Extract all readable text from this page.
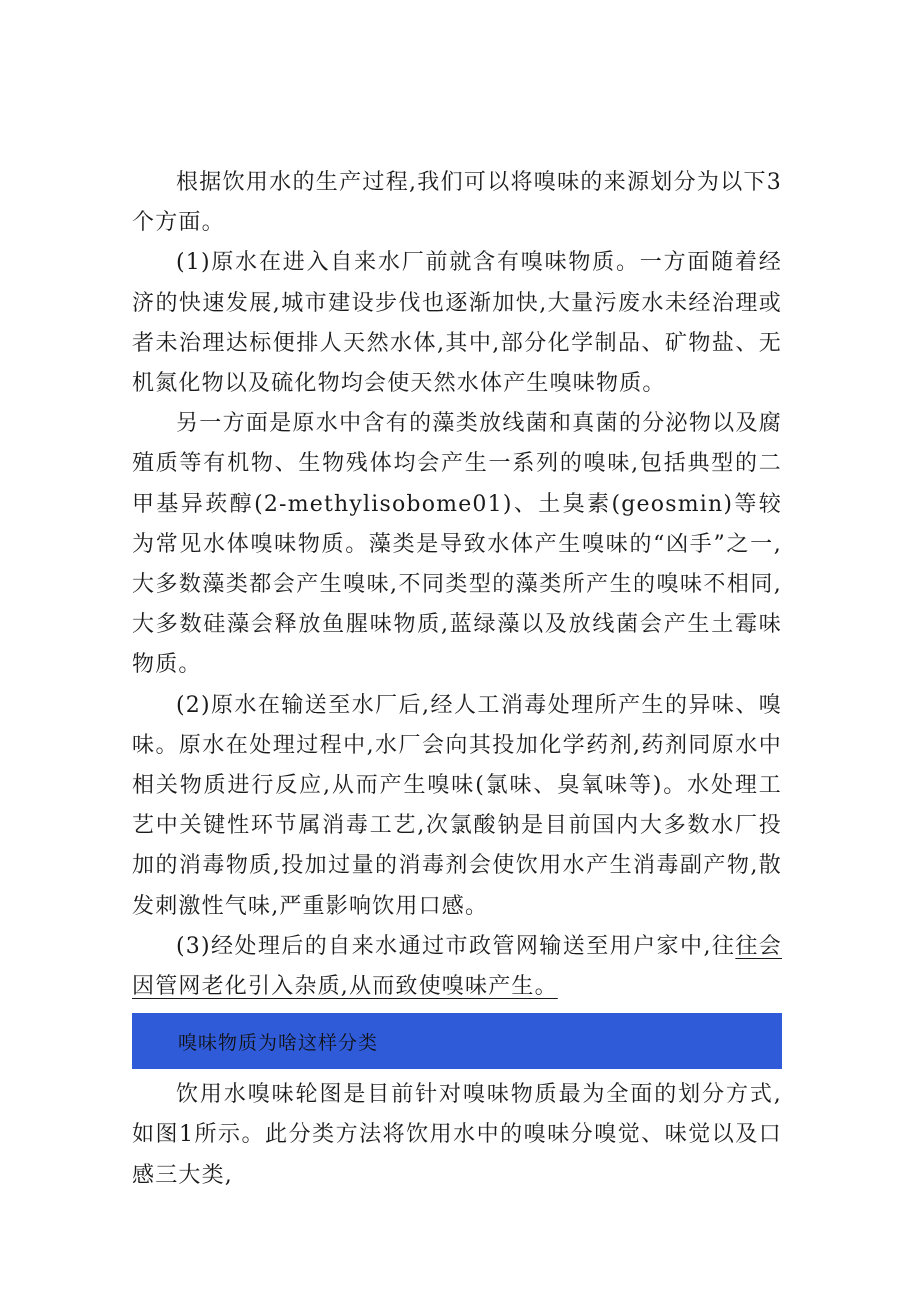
根据饮用水的生产过程,我们可以将嗅味的来源划分为以下3个方面。

(1)原水在进入自来水厂前就含有嗅味物质。一方面随着经济的快速发展,城市建设步伐也逐渐加快,大量污废水未经治理或者未治理达标便排人天然水体,其中,部分化学制品、矿物盐、无机氮化物以及硫化物均会使天然水体产生嗅味物质。

另一方面是原水中含有的藻类放线菌和真菌的分泌物以及腐殖质等有机物、生物残体均会产生一系列的嗅味,包括典型的二甲基异莰醇(2-methylisobome01)、土臭素(geosmin)等较为常见水体嗅味物质。藻类是导致水体产生嗅味的“凶手”之一,大多数藻类都会产生嗅味,不同类型的藻类所产生的嗅味不相同,大多数硅藻会释放鱼腥味物质,蓝绿藻以及放线菌会产生土霉味物质。

(2)原水在输送至水厂后,经人工消毒处理所产生的异味、嗅味。原水在处理过程中,水厂会向其投加化学药剂,药剂同原水中相关物质进行反应,从而产生嗅味(氯味、臭氧味等)。水处理工艺中关键性环节属消毒工艺,次氯酸钠是目前国内大多数水厂投加的消毒物质,投加过量的消毒剂会使饮用水产生消毒副产物,散发刺激性气味,严重影响饮用口感。

(3)经处理后的自来水通过市政管网输送至用户家中,往往会因管网老化引入杂质,从而致使嗅味产生。

嗅味物质为啥这样分类

饮用水嗅味轮图是目前针对嗅味物质最为全面的划分方式,如图1所示。此分类方法将饮用水中的嗅味分嗅觉、味觉以及口感三大类,
